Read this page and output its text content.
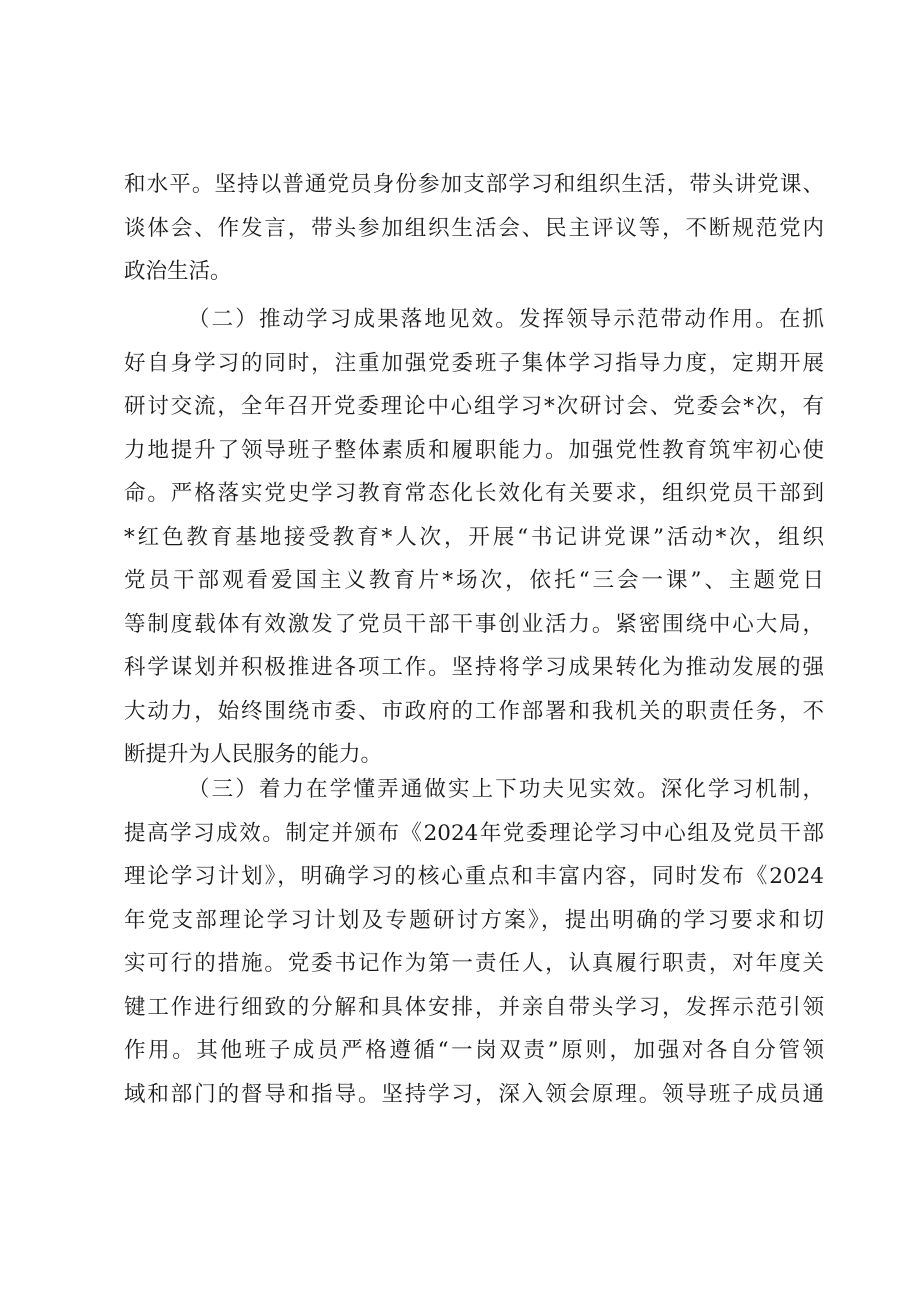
和水平。坚持以普通党员身份参加支部学习和组织生活，带头讲党课、
谈体会、作发言，带头参加组织生活会、民主评议等，不断规范党内
政治生活。
（二）推动学习成果落地见效。发挥领导示范带动作用。在抓
好自身学习的同时，注重加强党委班子集体学习指导力度，定期开展
研讨交流，全年召开党委理论中心组学习*次研讨会、党委会*次，有
力地提升了领导班子整体素质和履职能力。加强党性教育筑牢初心使
命。严格落实党史学习教育常态化长效化有关要求，组织党员干部到
*红色教育基地接受教育*人次，开展“书记讲党课”活动*次，组织
党员干部观看爱国主义教育片*场次，依托“三会一课”、主题党日
等制度载体有效激发了党员干部干事创业活力。紧密围绕中心大局，
科学谋划并积极推进各项工作。坚持将学习成果转化为推动发展的强
大动力，始终围绕市委、市政府的工作部署和我机关的职责任务，不
断提升为人民服务的能力。
（三）着力在学懂弄通做实上下功夫见实效。深化学习机制，
提高学习成效。制定并颁布《2024年党委理论学习中心组及党员干部
理论学习计划》，明确学习的核心重点和丰富内容，同时发布《2024
年党支部理论学习计划及专题研讨方案》，提出明确的学习要求和切
实可行的措施。党委书记作为第一责任人，认真履行职责，对年度关
键工作进行细致的分解和具体安排，并亲自带头学习，发挥示范引领
作用。其他班子成员严格遵循“一岗双责”原则，加强对各自分管领
域和部门的督导和指导。坚持学习，深入领会原理。领导班子成员通
